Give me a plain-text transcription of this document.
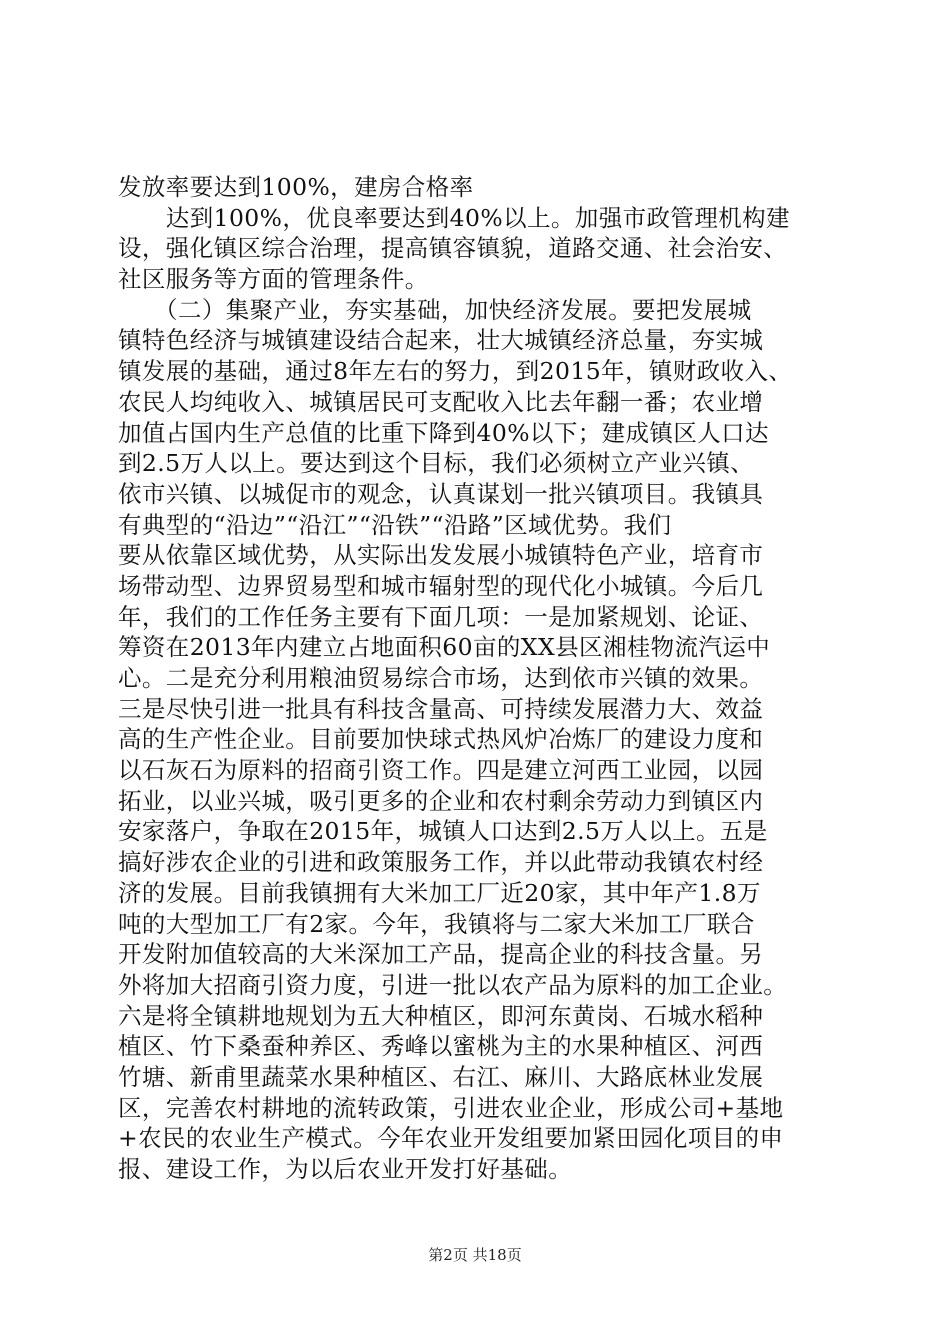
发放率要达到100%，建房合格率
　　达到100%，优良率要达到40%以上。加强市政管理机构建
设，强化镇区综合治理，提高镇容镇貌，道路交通、社会治安、
社区服务等方面的管理条件。
　　（二）集聚产业，夯实基础，加快经济发展。要把发展城
镇特色经济与城镇建设结合起来，壮大城镇经济总量，夯实城
镇发展的基础，通过8年左右的努力，到2015年，镇财政收入、
农民人均纯收入、城镇居民可支配收入比去年翻一番；农业增
加值占国内生产总值的比重下降到40%以下；建成镇区人口达
到2.5万人以上。要达到这个目标，我们必须树立产业兴镇、
依市兴镇、以城促市的观念，认真谋划一批兴镇项目。我镇具
有典型的“沿边”“沿江”“沿铁”“沿路”区域优势。我们
要从依靠区域优势，从实际出发发展小城镇特色产业，培育市
场带动型、边界贸易型和城市辐射型的现代化小城镇。今后几
年，我们的工作任务主要有下面几项：一是加紧规划、论证、
筹资在2013年内建立占地面积60亩的XX县区湘桂物流汽运中
心。二是充分利用粮油贸易综合市场，达到依市兴镇的效果。
三是尽快引进一批具有科技含量高、可持续发展潜力大、效益
高的生产性企业。目前要加快球式热风炉冶炼厂的建设力度和
以石灰石为原料的招商引资工作。四是建立河西工业园，以园
拓业，以业兴城，吸引更多的企业和农村剩余劳动力到镇区内
安家落户，争取在2015年，城镇人口达到2.5万人以上。五是
搞好涉农企业的引进和政策服务工作，并以此带动我镇农村经
济的发展。目前我镇拥有大米加工厂近20家，其中年产1.8万
吨的大型加工厂有2家。今年，我镇将与二家大米加工厂联合
开发附加值较高的大米深加工产品，提高企业的科技含量。另
外将加大招商引资力度，引进一批以农产品为原料的加工企业。
六是将全镇耕地规划为五大种植区，即河东黄岗、石城水稻种
植区、竹下桑蚕种养区、秀峰以蜜桃为主的水果种植区、河西
竹塘、新甫里蔬菜水果种植区、右江、麻川、大路底林业发展
区，完善农村耕地的流转政策，引进农业企业，形成公司+基地
+农民的农业生产模式。今年农业开发组要加紧田园化项目的申
报、建设工作，为以后农业开发打好基础。
第2页 共18页
